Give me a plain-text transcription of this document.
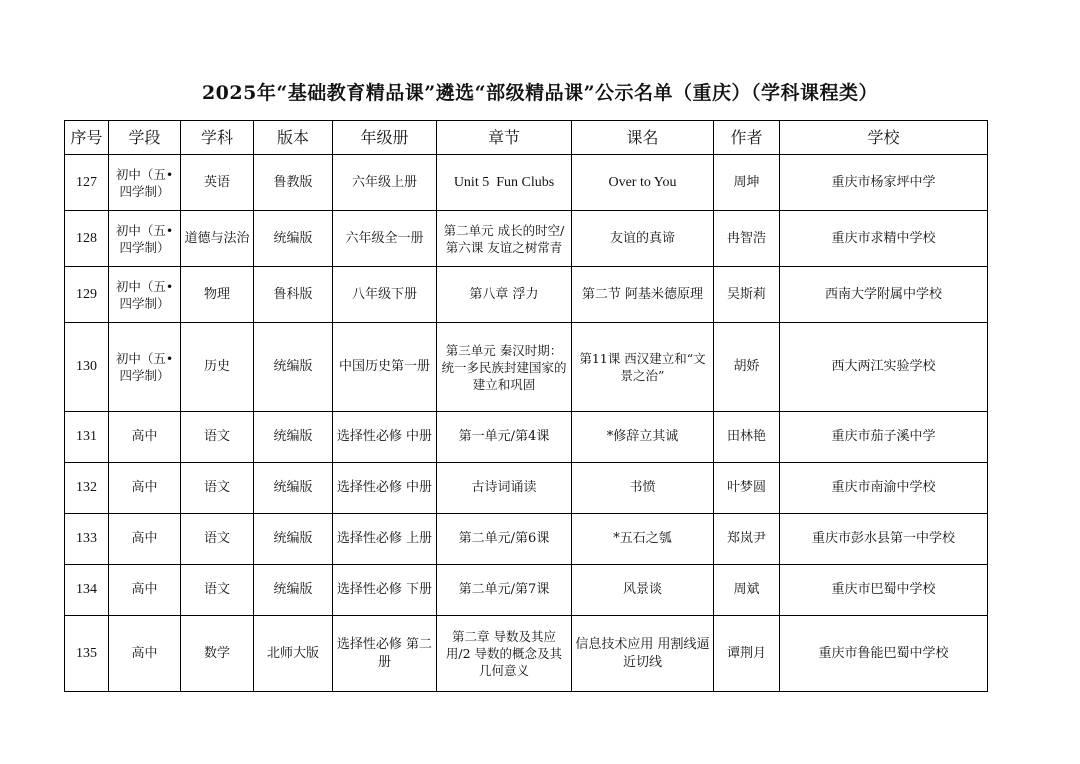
2025年“基础教育精品课”遴选“部级精品课”公示名单（重庆）（学科课程类）
序号	学段	学科	版本	年级册	章节	课名	作者	学校
127	初中（五•四学制）	英语	鲁教版	六年级上册	Unit 5  Fun Clubs	Over to You	周坤	重庆市杨家坪中学
128	初中（五•四学制）	道德与法治	统编版	六年级全一册	第二单元 成长的时空/第六课 友谊之树常青	友谊的真谛	冉智浩	重庆市求精中学校
129	初中（五•四学制）	物理	鲁科版	八年级下册	第八章 浮力	第二节 阿基米德原理	吴斯莉	西南大学附属中学校
130	初中（五•四学制）	历史	统编版	中国历史第一册	第三单元 秦汉时期：统一多民族封建国家的建立和巩固	第11课 西汉建立和“文景之治”	胡娇	西大两江实验学校
131	高中	语文	统编版	选择性必修 中册	第一单元/第4课	*修辞立其诚	田林艳	重庆市茄子溪中学
132	高中	语文	统编版	选择性必修 中册	古诗词诵读	书愤	叶梦圆	重庆市南渝中学校
133	高中	语文	统编版	选择性必修 上册	第二单元/第6课	*五石之瓠	郑岚尹	重庆市彭水县第一中学校
134	高中	语文	统编版	选择性必修 下册	第二单元/第7课	风景谈	周斌	重庆市巴蜀中学校
135	高中	数学	北师大版	选择性必修 第二册	第二章 导数及其应用/2 导数的概念及其几何意义	信息技术应用 用割线逼近切线	谭荆月	重庆市鲁能巴蜀中学校
